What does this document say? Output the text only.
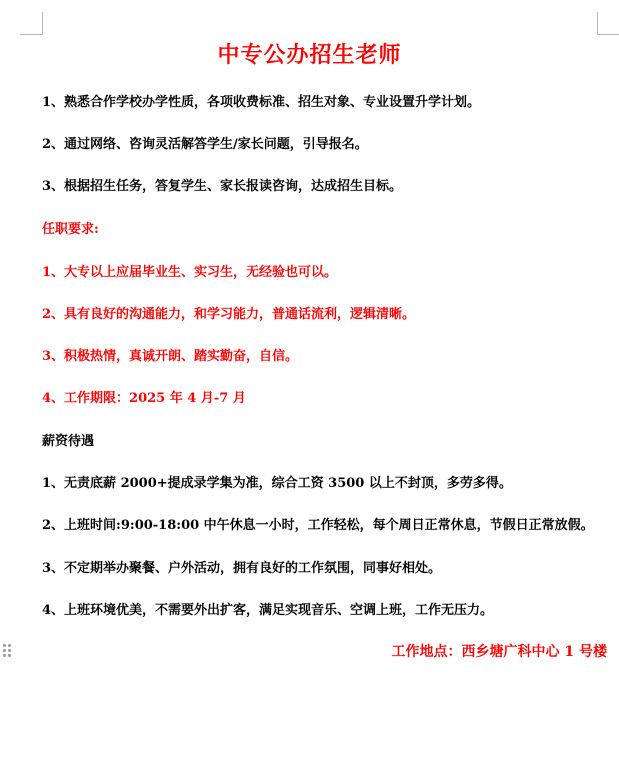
中专公办招生老师
1、熟悉合作学校办学性质，各项收费标准、招生对象、专业设置升学计划。
2、通过网络、咨询灵活解答学生/家长问题，引导报名。
3、根据招生任务，答复学生、家长报读咨询，达成招生目标。
任职要求:
1、大专以上应届毕业生、实习生，无经验也可以。
2、具有良好的沟通能力，和学习能力，普通话流利，逻辑清晰。
3、积极热情，真诚开朗、踏实勤奋，自信。
4、工作期限：2025 年 4 月-7 月
薪资待遇
1、无责底薪 2000+提成录学集为准，综合工资 3500 以上不封顶，多劳多得。
2、上班时间:9:00-18:00 中午休息一小时，工作轻松，每个周日正常休息，节假日正常放假。
3、不定期举办聚餐、户外活动，拥有良好的工作氛围，同事好相处。
4、上班环境优美，不需要外出扩客，满足实现音乐、空调上班，工作无压力。
工作地点：西乡塘广科中心 1 号楼
